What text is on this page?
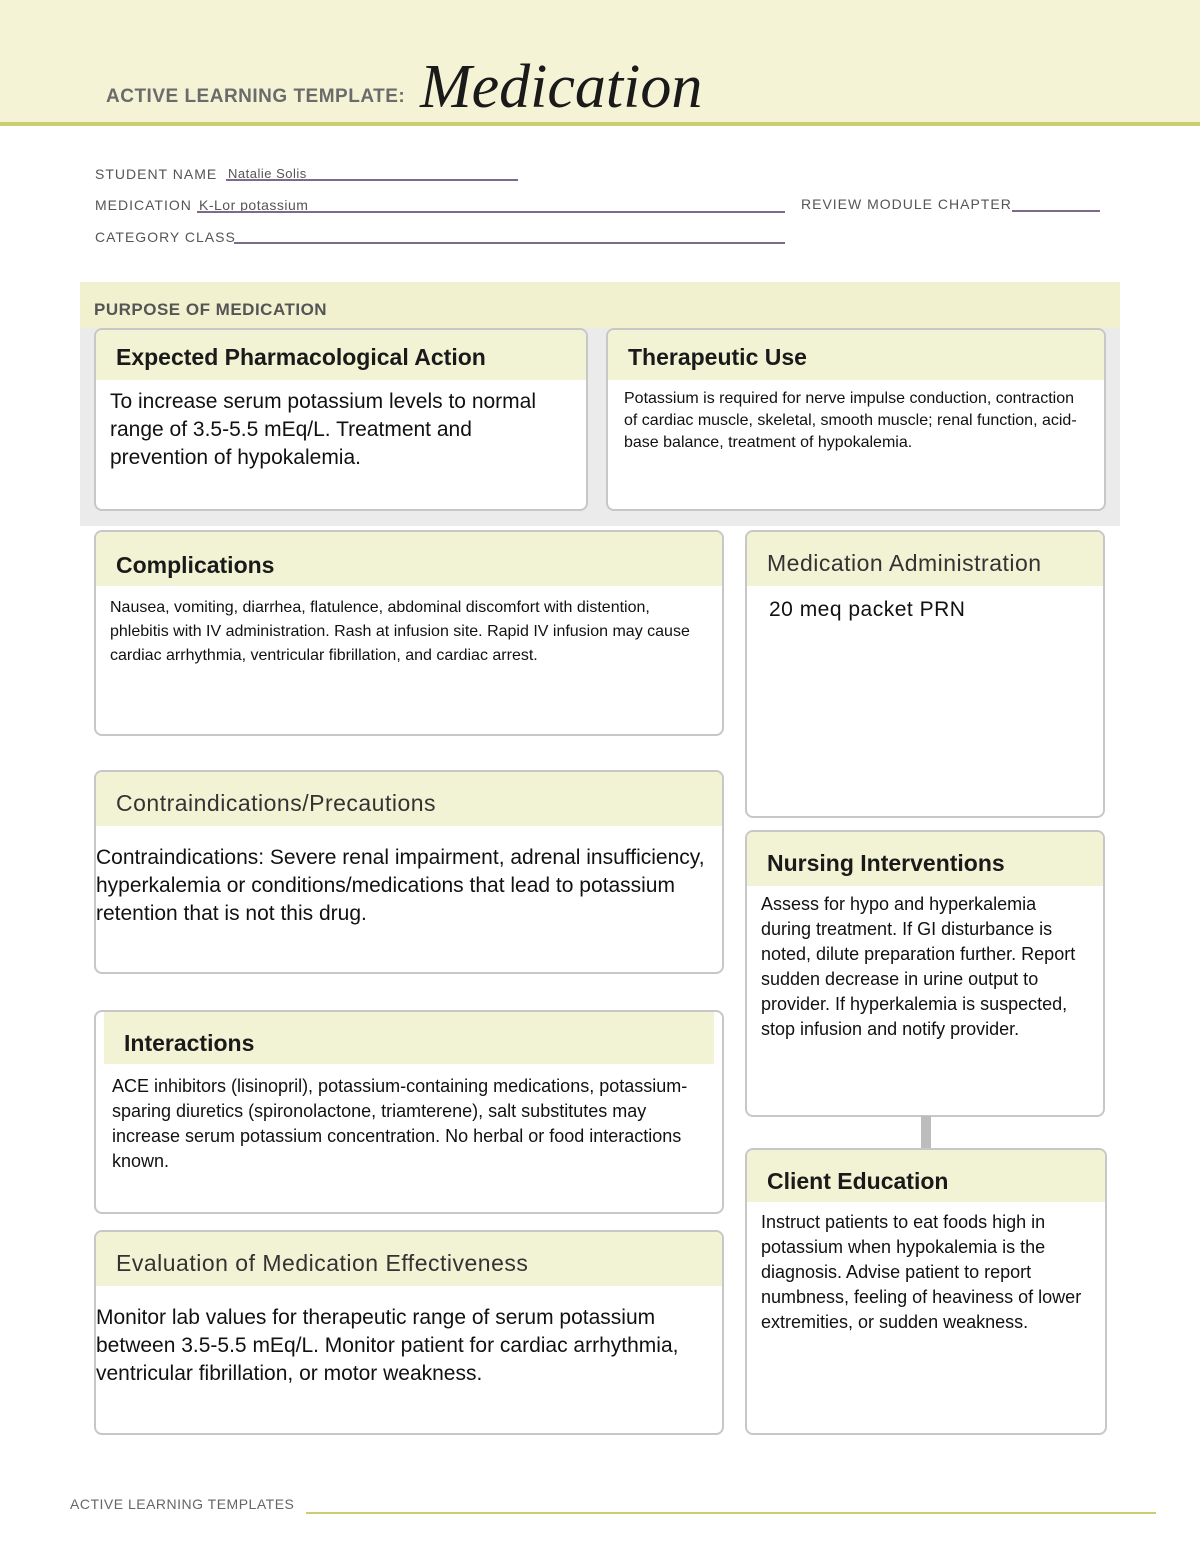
ACTIVE LEARNING TEMPLATE: Medication
STUDENT NAME Natalie Solis
MEDICATION K-Lor potassium	REVIEW MODULE CHAPTER
CATEGORY CLASS
PURPOSE OF MEDICATION
Expected Pharmacological Action
To increase serum potassium levels to normal range of 3.5-5.5 mEq/L. Treatment and prevention of hypokalemia.
Therapeutic Use
Potassium is required for nerve impulse conduction, contraction of cardiac muscle, skeletal, smooth muscle; renal function, acid-base balance, treatment of hypokalemia.
Complications
Nausea, vomiting, diarrhea, flatulence, abdominal discomfort with distention, phlebitis with IV administration. Rash at infusion site. Rapid IV infusion may cause cardiac arrhythmia, ventricular fibrillation, and cardiac arrest.
Medication Administration
20 meq packet PRN
Contraindications/Precautions
Contraindications: Severe renal impairment, adrenal insufficiency, hyperkalemia or conditions/medications that lead to potassium retention that is not this drug.
Nursing Interventions
Assess for hypo and hyperkalemia during treatment. If GI disturbance is noted, dilute preparation further. Report sudden decrease in urine output to provider. If hyperkalemia is suspected, stop infusion and notify provider.
Interactions
ACE inhibitors (lisinopril), potassium-containing medications, potassium-sparing diuretics (spironolactone, triamterene), salt substitutes may increase serum potassium concentration. No herbal or food interactions known.
Client Education
Instruct patients to eat foods high in potassium when hypokalemia is the diagnosis. Advise patient to report numbness, feeling of heaviness of lower extremities, or sudden weakness.
Evaluation of Medication Effectiveness
Monitor lab values for therapeutic range of serum potassium between 3.5-5.5 mEq/L. Monitor patient for cardiac arrhythmia, ventricular fibrillation, or motor weakness.
ACTIVE LEARNING TEMPLATES
